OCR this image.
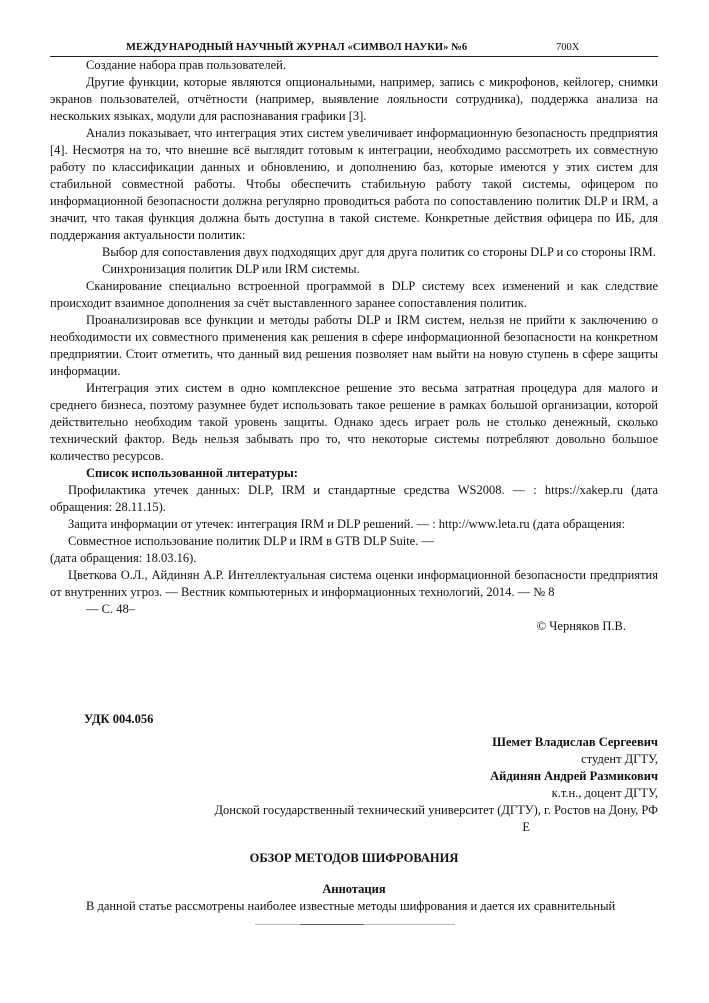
МЕЖДУНАРОДНЫЙ НАУЧНЫЙ ЖУРНАЛ «СИМВОЛ НАУКИ» №6	700X

Создание набора прав пользователей.

Другие функции, которые являются опциональными, например, запись с микрофонов, кейлогер, снимки экранов пользователей, отчётности (например, выявление лояльности сотрудника), поддержка анализа на нескольких языках, модули для распознавания графики [3].

Анализ показывает, что интеграция этих систем увеличивает информационную безопасность предприятия [4]. Несмотря на то, что внешне всё выглядит готовым к интеграции, необходимо рассмотреть их совместную работу по классификации данных и обновлению, и дополнению баз, которые имеются у этих систем для стабильной совместной работы. Чтобы обеспечить стабильную работу такой системы, офицером по информационной безопасности должна регулярно проводиться работа по сопоставлению политик DLP и IRM, а значит, что такая функция должна быть доступна в такой системе. Конкретные действия офицера по ИБ, для поддержания актуальности политик:

Выбор для сопоставления двух подходящих друг для друга политик со стороны DLP и со стороны IRM.

Синхронизация политик DLP или IRM системы.

Сканирование специально встроенной программой в DLP систему всех изменений и как следствие происходит взаимное дополнения за счёт выставленного заранее сопоставления политик.

Проанализировав все функции и методы работы DLP и IRM систем, нельзя не прийти к заключению о необходимости их совместного применения как решения в сфере информационной безопасности на конкретном предприятии. Стоит отметить, что данный вид решения позволяет нам выйти на новую ступень в сфере защиты информации.

Интеграция этих систем в одно комплексное решение это весьма затратная процедура для малого и среднего бизнеса, поэтому разумнее будет использовать такое решение в рамках большой организации, которой действительно необходим такой уровень защиты. Однако здесь играет роль не столько денежный, сколько технический фактор. Ведь нельзя забывать про то, что некоторые системы потребляют довольно большое количество ресурсов.

Список использованной литературы:

Профилактика утечек данных: DLP, IRM и стандартные средства WS2008. — : https://xakep.ru (дата обращения: 28.11.15).

Защита информации от утечек: интеграция IRM и DLP решений. — : http://www.leta.ru (дата обращения:

Совместное использование политик DLP и IRM в GTB DLP Suite. —

(дата обращения: 18.03.16).

Цветкова О.Л., Айдинян А.Р. Интеллектуальная система оценки информационной безопасности предприятия от внутренних угроз. — Вестник компьютерных и информационных технологий, 2014. — № 8

— С. 48–

© Черняков П.В.

УДК 004.056

Шемет Владислав Сергеевич

студент ДГТУ,

Айдинян Андрей Размикович

к.т.н., доцент ДГТУ,

Донской государственный технический университет (ДГТУ), г. Ростов на Дону, РФ

Е

ОБЗОР МЕТОДОВ ШИФРОВАНИЯ

Аннотация

В данной статье рассмотрены наиболее известные методы шифрования и дается их сравнительный
